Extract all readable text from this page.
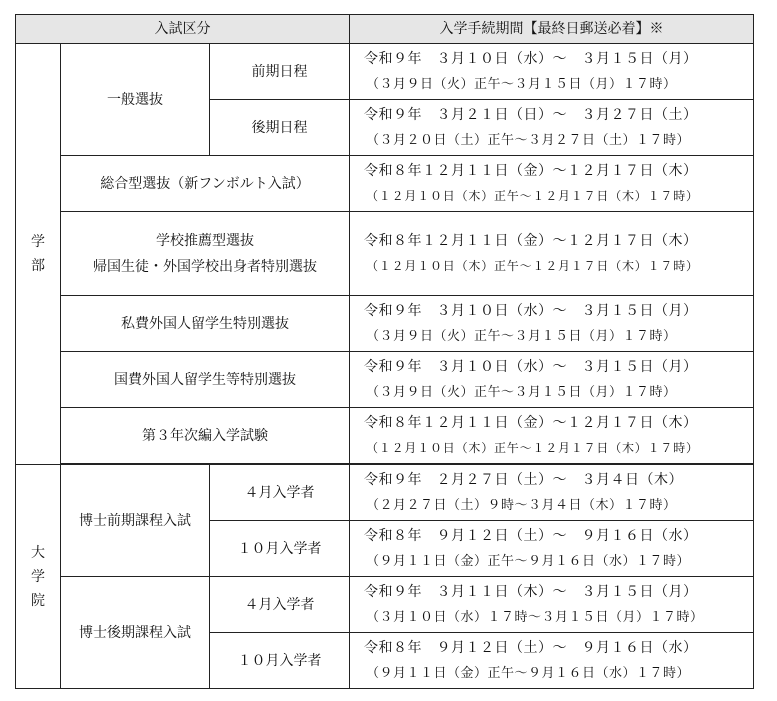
入試区分			入学手続期間【最終日郵送必着】※

学
部	一般選抜	前期日程	令和９年　３月１０日（水）～　３月１５日（月）
（３月９日（火）正午～３月１５日（月）１７時）

		後期日程	令和９年　３月２１日（日）～　３月２７日（土）
（３月２０日（土）正午～３月２７日（土）１７時）

	総合型選抜（新フンボルト入試）		令和８年１２月１１日（金）～１２月１７日（木）
（１２月１０日（木）正午～１２月１７日（木）１７時）

	学校推薦型選抜
帰国生徒・外国学校出身者特別選抜		令和８年１２月１１日（金）～１２月１７日（木）
（１２月１０日（木）正午～１２月１７日（木）１７時）

	私費外国人留学生特別選抜		令和９年　３月１０日（水）～　３月１５日（月）
（３月９日（火）正午～３月１５日（月）１７時）

	国費外国人留学生等特別選抜		令和９年　３月１０日（水）～　３月１５日（月）
（３月９日（火）正午～３月１５日（月）１７時）

	第３年次編入学試験		令和８年１２月１１日（金）～１２月１７日（木）
（１２月１０日（木）正午～１２月１７日（木）１７時）

大
学
院	博士前期課程入試	４月入学者	令和９年　２月２７日（土）～　３月４日（木）
（２月２７日（土）９時～３月４日（木）１７時）

		１０月入学者	令和８年　９月１２日（土）～　９月１６日（水）
（９月１１日（金）正午～９月１６日（水）１７時）

	博士後期課程入試	４月入学者	令和９年　３月１１日（木）～　３月１５日（月）
（３月１０日（水）１７時～３月１５日（月）１７時）

		１０月入学者	令和８年　９月１２日（土）～　９月１６日（水）
（９月１１日（金）正午～９月１６日（水）１７時）
